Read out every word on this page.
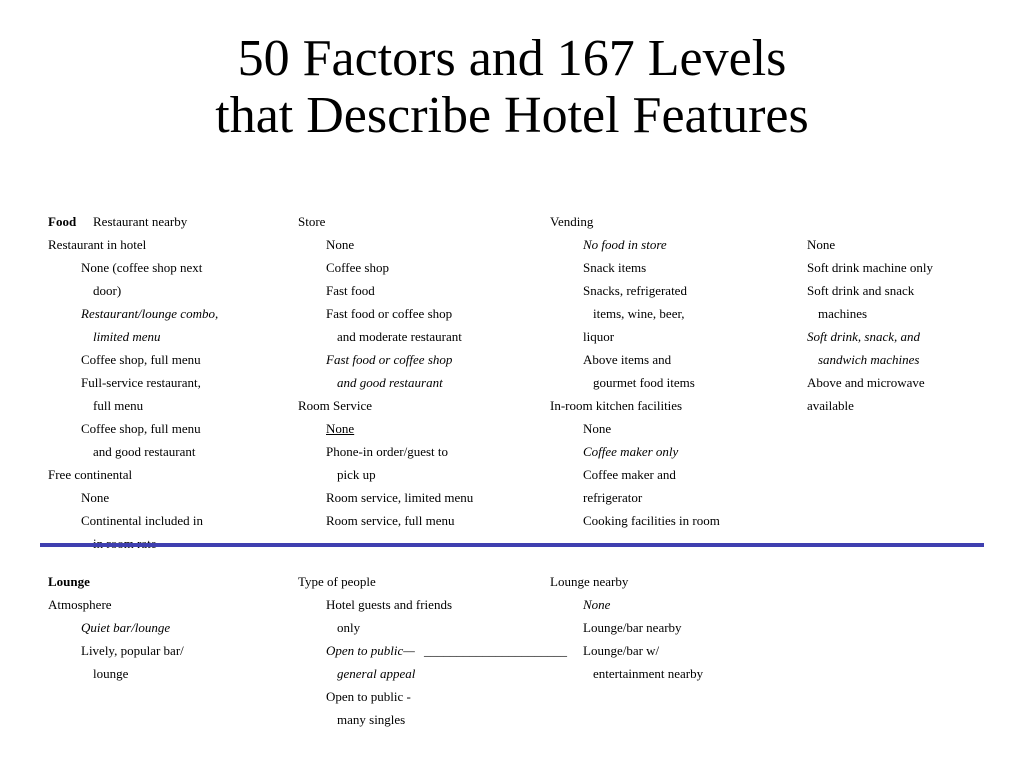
50 Factors and 167 Levels
that Describe Hotel Features
Food Restaurant nearby
Restaurant in hotel
None (coffee shop next
door)
Restaurant/lounge combo,
limited menu
Coffee shop, full menu
Full-service restaurant,
full menu
Coffee shop, full menu
and good restaurant
Free continental
None
Continental included in
Store
None
Coffee shop
Fast food
Fast food or coffee shop
and moderate restaurant
Fast food or coffee shop
and good restaurant
Room Service
None
Phone-in order/guest to
pick up
Room service, limited menu
Room service, full menu
Vending
No food in store
Snack items
Snacks, refrigerated
items, wine, beer,
liquor
Above items and
gourmet food items
In-room kitchen facilities
None
Coffee maker only
Coffee maker and
refrigerator
Cooking facilities in room
None
Soft drink machine only
Soft drink and snack
machines
Soft drink, snack, and
sandwich machines
Above and microwave
available
Lounge
Atmosphere
Quiet bar/lounge
Lively, popular bar/
lounge
Type of people
Hotel guests and friends
only
Open to public— ______________________
general appeal
Open to public -
many singles
Lounge nearby
None
Lounge/bar nearby
Lounge/bar w/
entertainment nearby
